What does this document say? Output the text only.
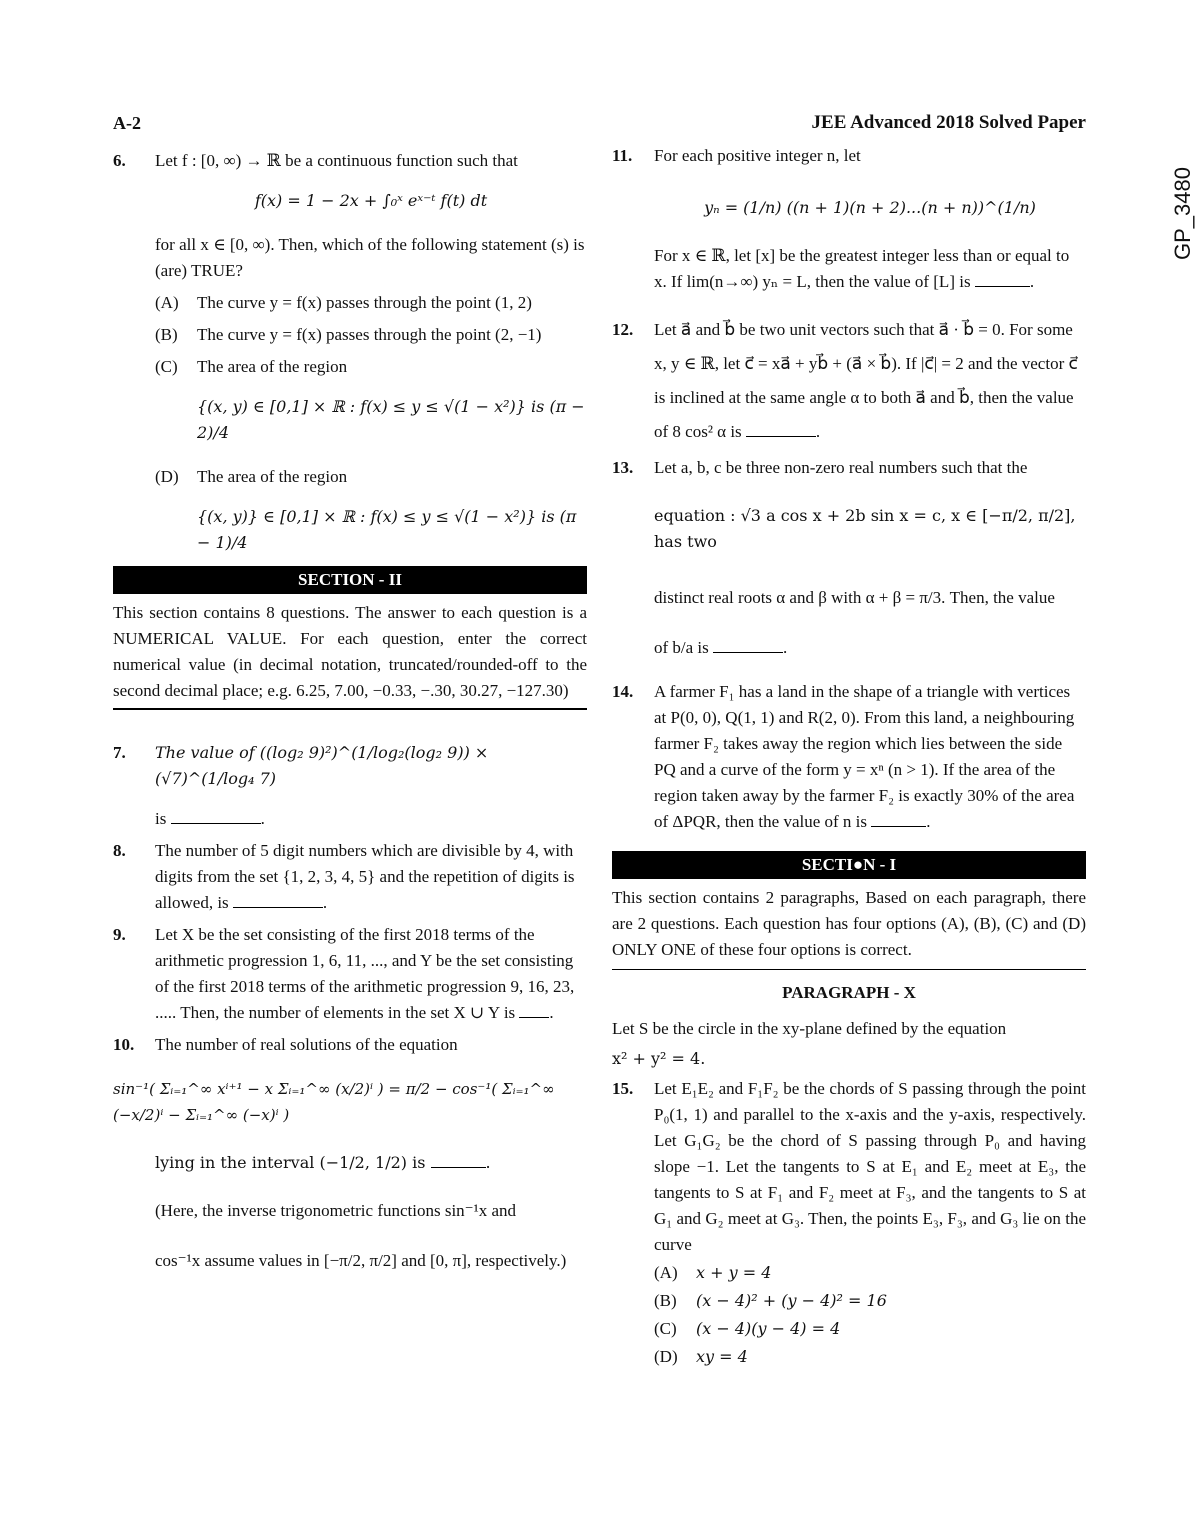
GP_3480
A-2	JEE Advanced 2018 Solved Paper
6. Let f : [0, ∞) → ℝ be a continuous function such that
f(x) = 1 − 2x + ∫₀ˣ eˣ⁻ᵗ f(t) dt
for all x ∈ [0, ∞). Then, which of the following statement (s) is (are) TRUE?
(A) The curve y = f(x) passes through the point (1, 2)
(B) The curve y = f(x) passes through the point (2, −1)
(C) The area of the region
{(x, y) ∈ [0,1] × ℝ : f(x) ≤ y ≤ √(1 − x²)} is (π − 2)/4
(D) The area of the region
{(x, y)} ∈ [0,1] × ℝ : f(x) ≤ y ≤ √(1 − x²)} is (π − 1)/4
SECTION - II
This section contains 8 questions. The answer to each question is a NUMERICAL VALUE. For each question, enter the correct numerical value (in decimal notation, truncated/rounded-off to the second decimal place; e.g. 6.25, 7.00, −0.33, −.30, 30.27, −127.30)
7. The value of ((log₂ 9)²)^(1/log₂(log₂ 9)) × (√7)^(1/log₄ 7)
is	.
8. The number of 5 digit numbers which are divisible by 4, with digits from the set {1, 2, 3, 4, 5} and the repetition of digits is allowed, is	.
9. Let X be the set consisting of the first 2018 terms of the arithmetic progression 1, 6, 11, ..., and Y be the set consisting of the first 2018 terms of the arithmetic progression 9, 16, 23, ..... Then, the number of elements in the set X ∪ Y is .
10. The number of real solutions of the equation
sin⁻¹( Σᵢ₌₁^∞ xⁱ⁺¹ − x Σᵢ₌₁^∞ (x/2)ⁱ ) = π/2 − cos⁻¹( Σᵢ₌₁^∞ (−x/2)ⁱ − Σᵢ₌₁^∞ (−x)ⁱ )
lying in the interval (−1/2, 1/2) is	.
(Here, the inverse trigonometric functions sin⁻¹x and
cos⁻¹x assume values in [−π/2, π/2] and [0, π], respectively.)
11. For each positive integer n, let
yₙ = (1/n) ((n + 1)(n + 2)...(n + n))^(1/n)
For x ∈ ℝ, let [x] be the greatest integer less than or equal to x. If lim(n→∞) yₙ = L, then the value of [L] is	.
12. Let a⃗ and b⃗ be two unit vectors such that a⃗ · b⃗ = 0. For some x, y ∈ ℝ, let c⃗ = xa⃗ + yb⃗ + (a⃗ × b⃗). If |c⃗| = 2 and the vector c⃗ is inclined at the same angle α to both a⃗ and b⃗, then the value of 8 cos² α is	.
13. Let a, b, c be three non-zero real numbers such that the
equation : √3 a cos x + 2b sin x = c, x ∈ [−π/2, π/2], has two
distinct real roots α and β with α + β = π/3. Then, the value
of b/a is	.
14. A farmer F₁ has a land in the shape of a triangle with vertices at P(0, 0), Q(1, 1) and R(2, 0). From this land, a neighbouring farmer F₂ takes away the region which lies between the side PQ and a curve of the form y = xⁿ (n > 1). If the area of the region taken away by the farmer F₂ is exactly 30% of the area of ΔPQR, then the value of n is	.
SECTI●N - I
This section contains 2 paragraphs, Based on each paragraph, there are 2 questions. Each question has four options (A), (B), (C) and (D) ONLY ONE of these four options is correct.
PARAGRAPH - X
Let S be the circle in the xy-plane defined by the equation
x² + y² = 4.
15. Let E₁E₂ and F₁F₂ be the chords of S passing through the point P₀(1, 1) and parallel to the x-axis and the y-axis, respectively. Let G₁G₂ be the chord of S passing through P₀ and having slope −1. Let the tangents to S at E₁ and E₂ meet at E₃, the tangents to S at F₁ and F₂ meet at F₃, and the tangents to S at G₁ and G₂ meet at G₃. Then, the points E₃, F₃, and G₃ lie on the curve
(A) x + y = 4
(B) (x − 4)² + (y − 4)² = 16
(C) (x − 4)(y − 4) = 4
(D) xy = 4
